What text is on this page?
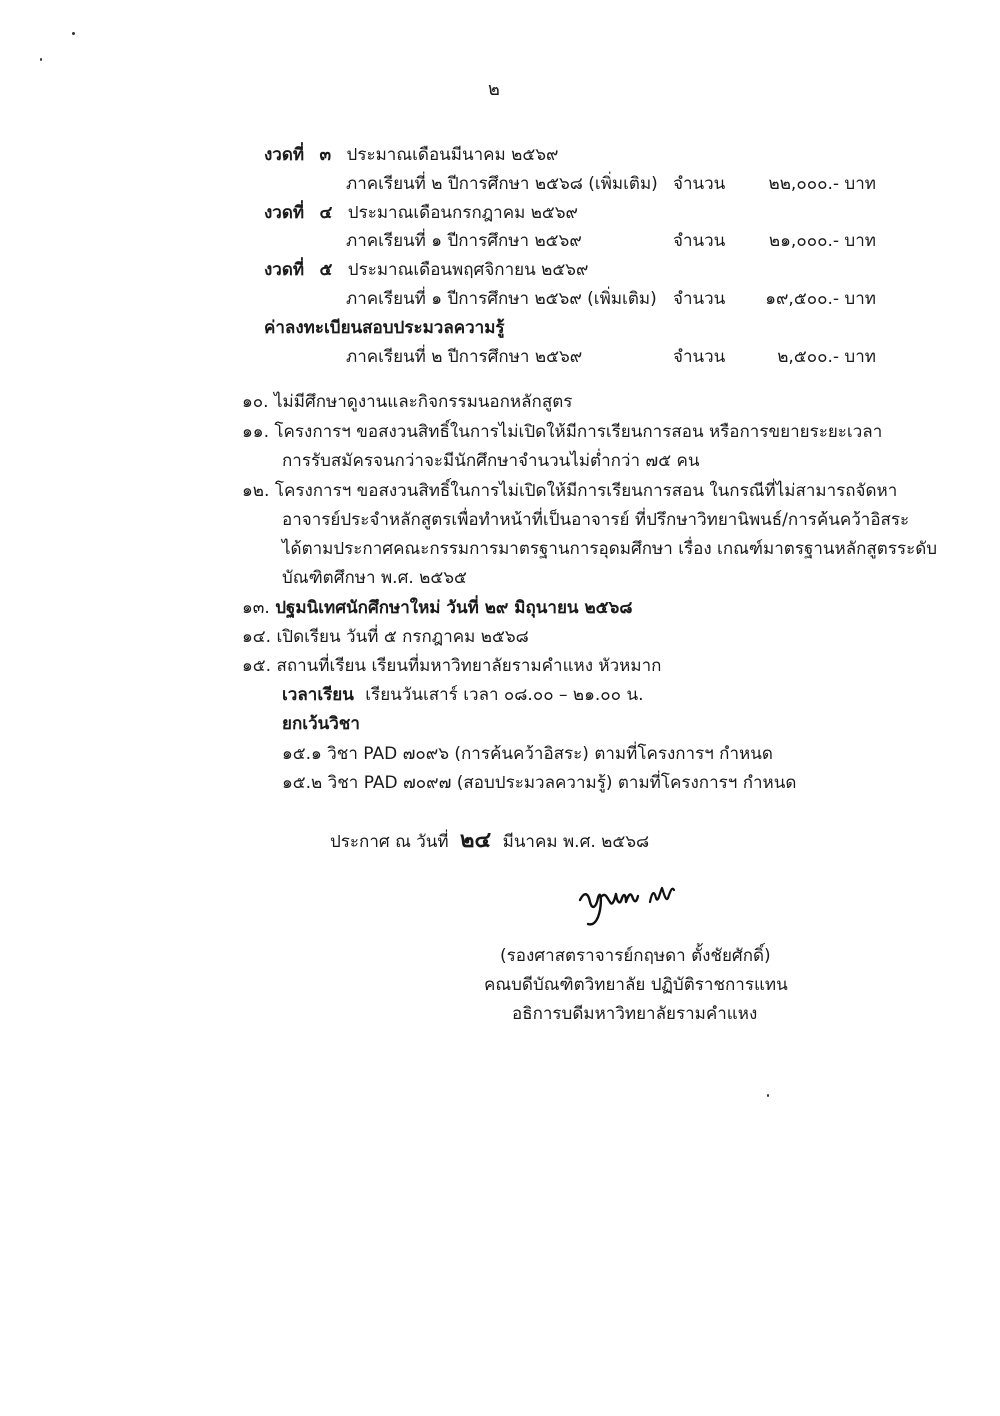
๒
งวดที่ ๓ ประมาณเดือนมีนาคม ๒๕๖๙
ภาคเรียนที่ ๒ ปีการศึกษา ๒๕๖๘ (เพิ่มเติม) จำนวน	๒๒,๐๐๐.- บาท
งวดที่ ๔ ประมาณเดือนกรกฎาคม ๒๕๖๙
ภาคเรียนที่ ๑ ปีการศึกษา ๒๕๖๙	จำนวน	๒๑,๐๐๐.- บาท
งวดที่ ๕ ประมาณเดือนพฤศจิกายน ๒๕๖๙
ภาคเรียนที่ ๑ ปีการศึกษา ๒๕๖๙ (เพิ่มเติม) จำนวน ๑๙,๕๐๐.- บาท
ค่าลงทะเบียนสอบประมวลความรู้
ภาคเรียนที่ ๒ ปีการศึกษา ๒๕๖๙	จำนวน	๒,๕๐๐.- บาท
๑๐. ไม่มีศึกษาดูงานและกิจกรรมนอกหลักสูตร
๑๑. โครงการฯ ขอสงวนสิทธิ์ในการไม่เปิดให้มีการเรียนการสอน หรือการขยายระยะเวลา
การรับสมัครจนกว่าจะมีนักศึกษาจำนวนไม่ต่ำกว่า ๗๕ คน
๑๒. โครงการฯ ขอสงวนสิทธิ์ในการไม่เปิดให้มีการเรียนการสอน ในกรณีที่ไม่สามารถจัดหา
อาจารย์ประจำหลักสูตรเพื่อทำหน้าที่เป็นอาจารย์ ที่ปรึกษาวิทยานิพนธ์/การค้นคว้าอิสระ
ได้ตามประกาศคณะกรรมการมาตรฐานการอุดมศึกษา เรื่อง เกณฑ์มาตรฐานหลักสูตรระดับ
บัณฑิตศึกษา พ.ศ. ๒๕๖๕
๑๓. ปฐมนิเทศนักศึกษาใหม่ วันที่ ๒๙ มิถุนายน ๒๕๖๘
๑๔. เปิดเรียน วันที่ ๕ กรกฎาคม ๒๕๖๘
๑๕. สถานที่เรียน เรียนที่มหาวิทยาลัยรามคำแหง หัวหมาก
เวลาเรียน เรียนวันเสาร์ เวลา ๐๘.๐๐ – ๒๑.๐๐ น.
ยกเว้นวิชา
๑๕.๑ วิชา PAD ๗๐๙๖ (การค้นคว้าอิสระ) ตามที่โครงการฯ กำหนด
๑๕.๒ วิชา PAD ๗๐๙๗ (สอบประมวลความรู้) ตามที่โครงการฯ กำหนด
ประกาศ ณ วันที่ ๒๔ มีนาคม พ.ศ. ๒๕๖๘
(รองศาสตราจารย์กฤษดา ตั้งชัยศักดิ์)
คณบดีบัณฑิตวิทยาลัย ปฏิบัติราชการแทน
อธิการบดีมหาวิทยาลัยรามคำแหง
